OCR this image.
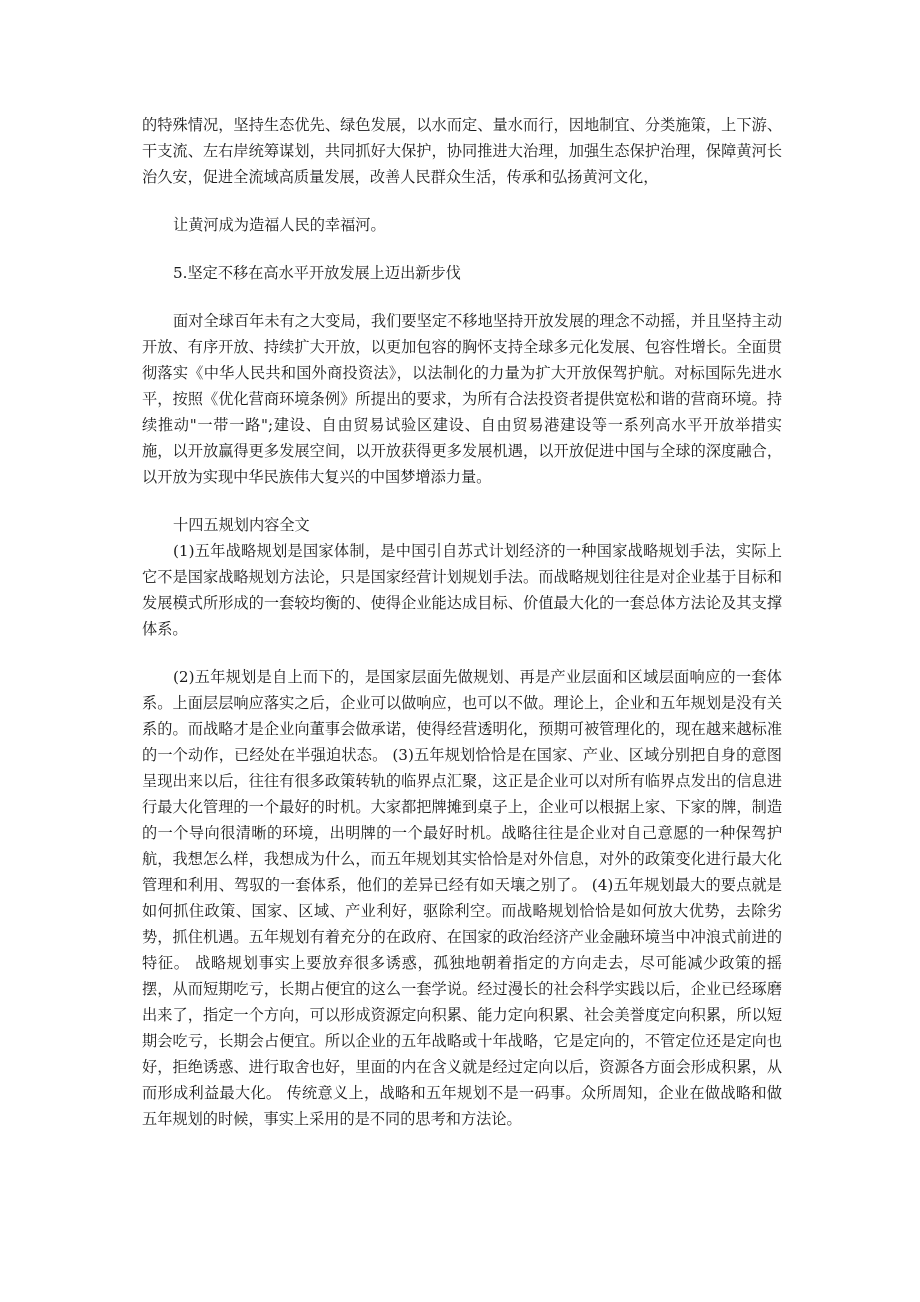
的特殊情况，坚持生态优先、绿色发展，以水而定、量水而行，因地制宜、分类施策，上下游、干支流、左右岸统筹谋划，共同抓好大保护，协同推进大治理，加强生态保护治理，保障黄河长治久安，促进全流域高质量发展，改善人民群众生活，传承和弘扬黄河文化，

让黄河成为造福人民的幸福河。

5.坚定不移在高水平开放发展上迈出新步伐

面对全球百年未有之大变局，我们要坚定不移地坚持开放发展的理念不动摇，并且坚持主动开放、有序开放、持续扩大开放，以更加包容的胸怀支持全球多元化发展、包容性增长。全面贯彻落实《中华人民共和国外商投资法》，以法制化的力量为扩大开放保驾护航。对标国际先进水平，按照《优化营商环境条例》所提出的要求，为所有合法投资者提供宽松和谐的营商环境。持续推动"一带一路";建设、自由贸易试验区建设、自由贸易港建设等一系列高水平开放举措实施，以开放赢得更多发展空间，以开放获得更多发展机遇，以开放促进中国与全球的深度融合，以开放为实现中华民族伟大复兴的中国梦增添力量。

十四五规划内容全文

(1)五年战略规划是国家体制，是中国引自苏式计划经济的一种国家战略规划手法，实际上它不是国家战略规划方法论，只是国家经营计划规划手法。而战略规划往往是对企业基于目标和发展模式所形成的一套较均衡的、使得企业能达成目标、价值最大化的一套总体方法论及其支撑体系。

(2)五年规划是自上而下的，是国家层面先做规划、再是产业层面和区域层面响应的一套体系。上面层层响应落实之后，企业可以做响应，也可以不做。理论上，企业和五年规划是没有关系的。而战略才是企业向董事会做承诺，使得经营透明化，预期可被管理化的，现在越来越标准的一个动作，已经处在半强迫状态。 (3)五年规划恰恰是在国家、产业、区域分别把自身的意图呈现出来以后，往往有很多政策转轨的临界点汇聚，这正是企业可以对所有临界点发出的信息进行最大化管理的一个最好的时机。大家都把牌摊到桌子上，企业可以根据上家、下家的牌，制造的一个导向很清晰的环境，出明牌的一个最好时机。战略往往是企业对自己意愿的一种保驾护航，我想怎么样，我想成为什么，而五年规划其实恰恰是对外信息，对外的政策变化进行最大化管理和利用、驾驭的一套体系，他们的差异已经有如天壤之别了。 (4)五年规划最大的要点就是如何抓住政策、国家、区域、产业利好，驱除利空。而战略规划恰恰是如何放大优势，去除劣势，抓住机遇。五年规划有着充分的在政府、在国家的政治经济产业金融环境当中冲浪式前进的特征。 战略规划事实上要放弃很多诱惑，孤独地朝着指定的方向走去，尽可能减少政策的摇摆，从而短期吃亏，长期占便宜的这么一套学说。经过漫长的社会科学实践以后，企业已经琢磨出来了，指定一个方向，可以形成资源定向积累、能力定向积累、社会美誉度定向积累，所以短期会吃亏，长期会占便宜。所以企业的五年战略或十年战略，它是定向的，不管定位还是定向也好，拒绝诱惑、进行取舍也好，里面的内在含义就是经过定向以后，资源各方面会形成积累，从而形成利益最大化。 传统意义上，战略和五年规划不是一码事。众所周知，企业在做战略和做五年规划的时候，事实上采用的是不同的思考和方法论。
